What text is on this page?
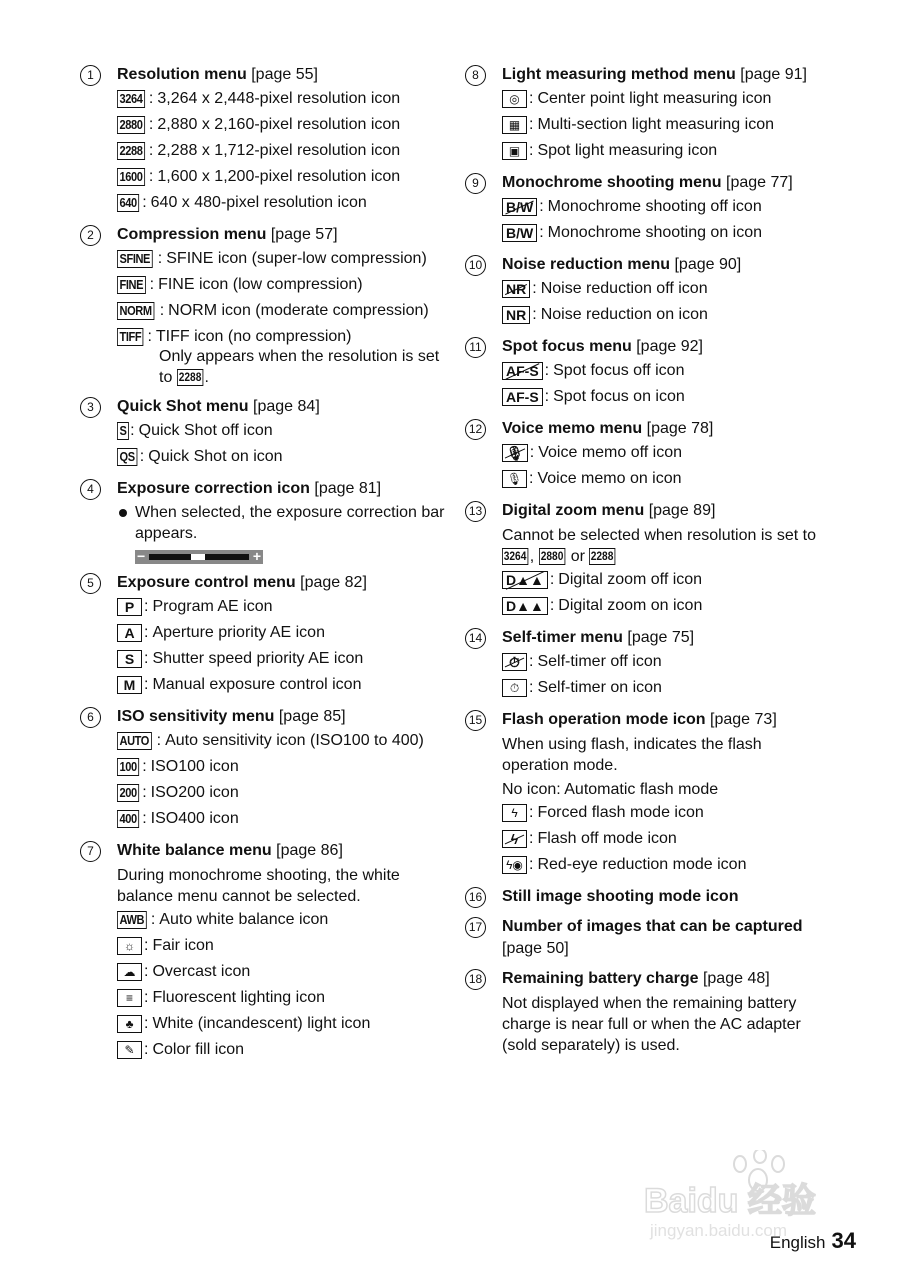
1	Resolution menu [page 55]
3264 : 3,264 x 2,448-pixel resolution icon
2880 : 2,880 x 2,160-pixel resolution icon
2288 : 2,288 x 1,712-pixel resolution icon
1600 : 1,600 x 1,200-pixel resolution icon
640 : 640 x 480-pixel resolution icon
2	Compression menu [page 57]
SFINE : SFINE icon (super-low compression)
FINE : FINE icon (low compression)
NORM : NORM icon (moderate compression)
TIFF : TIFF icon (no compression)
Only appears when the resolution is set to 2288 .
3	Quick Shot menu [page 84]
S : Quick Shot off icon
QS : Quick Shot on icon
4	Exposure correction icon [page 81]
When selected, the exposure correction bar appears.
−	+
5	Exposure control menu [page 82]
P : Program AE icon
A : Aperture priority AE icon
S : Shutter speed priority AE icon
M : Manual exposure control icon
6	ISO sensitivity menu [page 85]
AUTO : Auto sensitivity icon (ISO100 to 400)
100 : ISO100 icon
200 : ISO200 icon
400 : ISO400 icon
7	White balance menu [page 86]
During monochrome shooting, the white balance menu cannot be selected.
AWB : Auto white balance icon
☼ : Fair icon
☁ : Overcast icon
≡ : Fluorescent lighting icon
♣ : White (incandescent) light icon
✎ : Color fill icon
8	Light measuring method menu [page 91]
◎ : Center point light measuring icon
▦ : Multi-section light measuring icon
▣ : Spot light measuring icon
9	Monochrome shooting menu [page 77]
B/W : Monochrome shooting off icon
B/W : Monochrome shooting on icon
10 Noise reduction menu [page 90]
NR : Noise reduction off icon
NR : Noise reduction on icon
11 Spot focus menu [page 92]
AF-S : Spot focus off icon
AF-S : Spot focus on icon
12 Voice memo menu [page 78]
🎙 : Voice memo off icon
🎙 : Voice memo on icon
13 Digital zoom menu [page 89]
Cannot be selected when resolution is set to 3264 , 2880 or 2288
D▲▲ : Digital zoom off icon
D▲▲ : Digital zoom on icon
14 Self-timer menu [page 75]
⏱ : Self-timer off icon
⏱ : Self-timer on icon
15 Flash operation mode icon [page 73]
When using flash, indicates the flash operation mode.
No icon: Automatic flash mode
ϟ : Forced flash mode icon
ϟ : Flash off mode icon
ϟ◉ : Red-eye reduction mode icon
16 Still image shooting mode icon
17 Number of images that can be captured [page 50]
18 Remaining battery charge [page 48]
Not displayed when the remaining battery charge is near full or when the AC adapter (sold separately) is used.
English 34
Baidu 经验
jingyan.baidu.com
